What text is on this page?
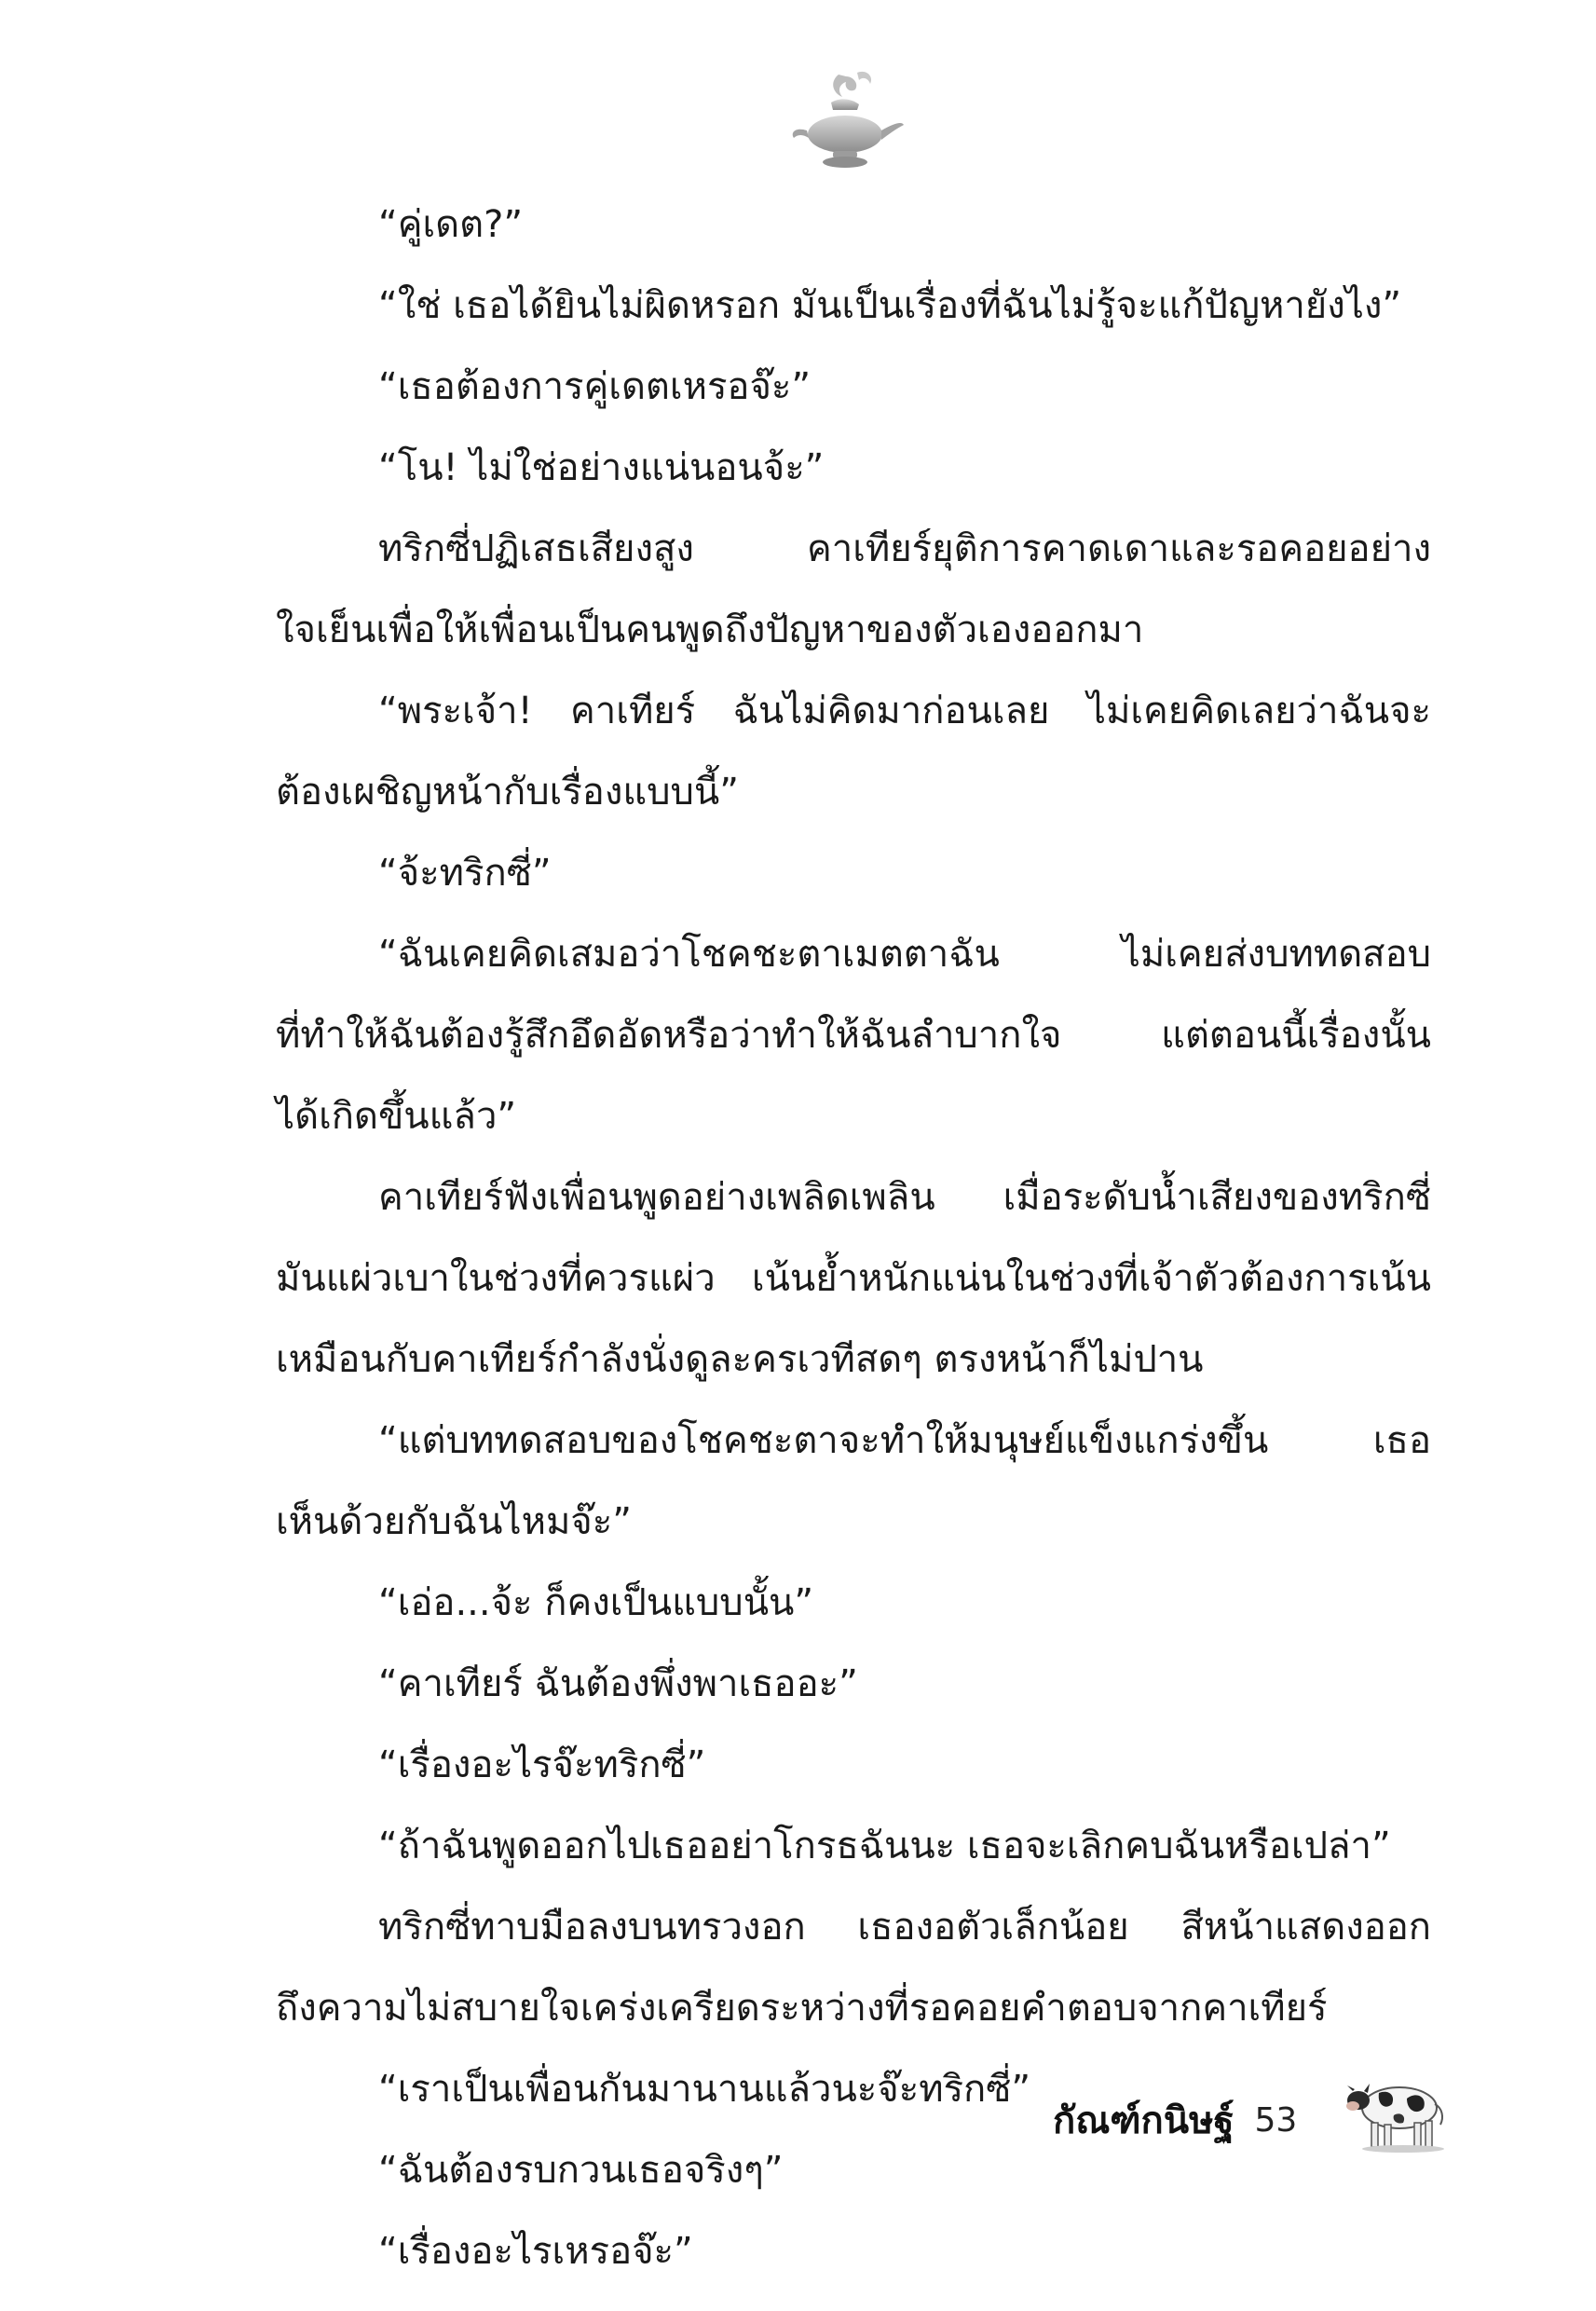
“คู่เดต?”
“ใช่ เธอได้ยินไม่ผิดหรอก มันเป็นเรื่องที่ฉันไม่รู้จะแก้ปัญหายังไง”
“เธอต้องการคู่เดตเหรอจ๊ะ”
“โน! ไม่ใช่อย่างแน่นอนจ้ะ”
ทริกซี่ปฏิเสธเสียงสูง คาเทียร์ยุติการคาดเดาและรอคอยอย่าง
ใจเย็นเพื่อให้เพื่อนเป็นคนพูดถึงปัญหาของตัวเองออกมา
“พระเจ้า! คาเทียร์ ฉันไม่คิดมาก่อนเลย ไม่เคยคิดเลยว่าฉันจะ
ต้องเผชิญหน้ากับเรื่องแบบนี้”
“จ้ะทริกซี่”
“ฉันเคยคิดเสมอว่าโชคชะตาเมตตาฉัน ไม่เคยส่งบททดสอบ
ที่ทำให้ฉันต้องรู้สึกอึดอัดหรือว่าทำให้ฉันลำบากใจ แต่ตอนนี้เรื่องนั้น
ได้เกิดขึ้นแล้ว”
คาเทียร์ฟังเพื่อนพูดอย่างเพลิดเพลิน เมื่อระดับน้ำเสียงของทริกซี่
มันแผ่วเบาในช่วงที่ควรแผ่ว เน้นย้ำหนักแน่นในช่วงที่เจ้าตัวต้องการเน้น
เหมือนกับคาเทียร์กำลังนั่งดูละครเวทีสดๆ ตรงหน้าก็ไม่ปาน
“แต่บททดสอบของโชคชะตาจะทำให้มนุษย์แข็งแกร่งขึ้น เธอ
เห็นด้วยกับฉันไหมจ๊ะ”
“เอ่อ...จ้ะ ก็คงเป็นแบบนั้น”
“คาเทียร์ ฉันต้องพึ่งพาเธออะ”
“เรื่องอะไรจ๊ะทริกซี่”
“ถ้าฉันพูดออกไปเธออย่าโกรธฉันนะ เธอจะเลิกคบฉันหรือเปล่า”
ทริกซี่ทาบมือลงบนทรวงอก เธองอตัวเล็กน้อย สีหน้าแสดงออก
ถึงความไม่สบายใจเคร่งเครียดระหว่างที่รอคอยคำตอบจากคาเทียร์
“เราเป็นเพื่อนกันมานานแล้วนะจ๊ะทริกซี่”
“ฉันต้องรบกวนเธอจริงๆ”
“เรื่องอะไรเหรอจ๊ะ”
กัณฑ์กนิษฐ์ 53
